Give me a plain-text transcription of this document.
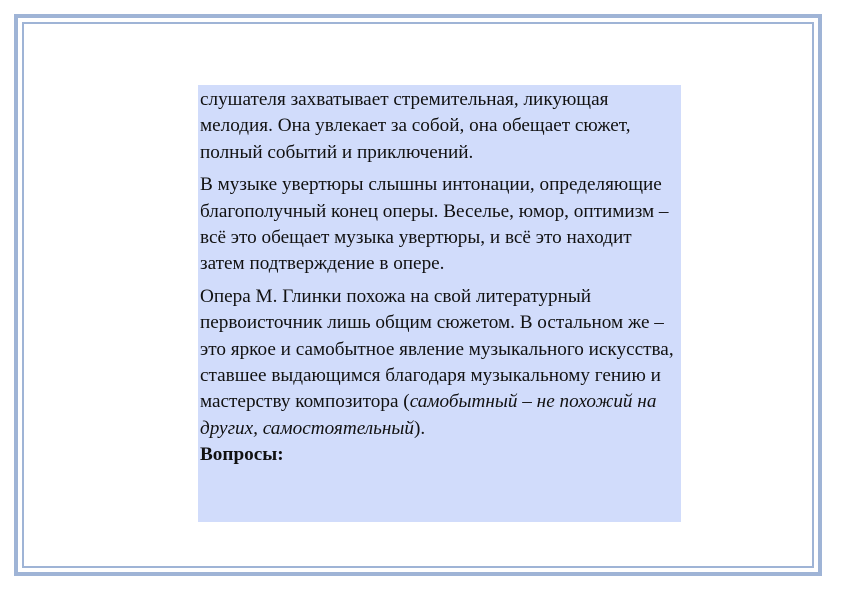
слушателя захватывает стремительная, ликующая мелодия. Она увлекает за собой, она обещает сюжет, полный событий и приключений.

В музыке увертюры слышны интонации, определяющие благополучный конец оперы. Веселье, юмор, оптимизм – всё это обещает музыка увертюры, и всё это находит затем подтверждение в опере.

Опера М. Глинки похожа на свой литературный первоисточник лишь общим сюжетом. В остальном же – это яркое и самобытное явление музыкального искусства, ставшее выдающимся благодаря музыкальному гению и мастерству композитора (самобытный – не похожий на других, самостоятельный).

Вопросы:
